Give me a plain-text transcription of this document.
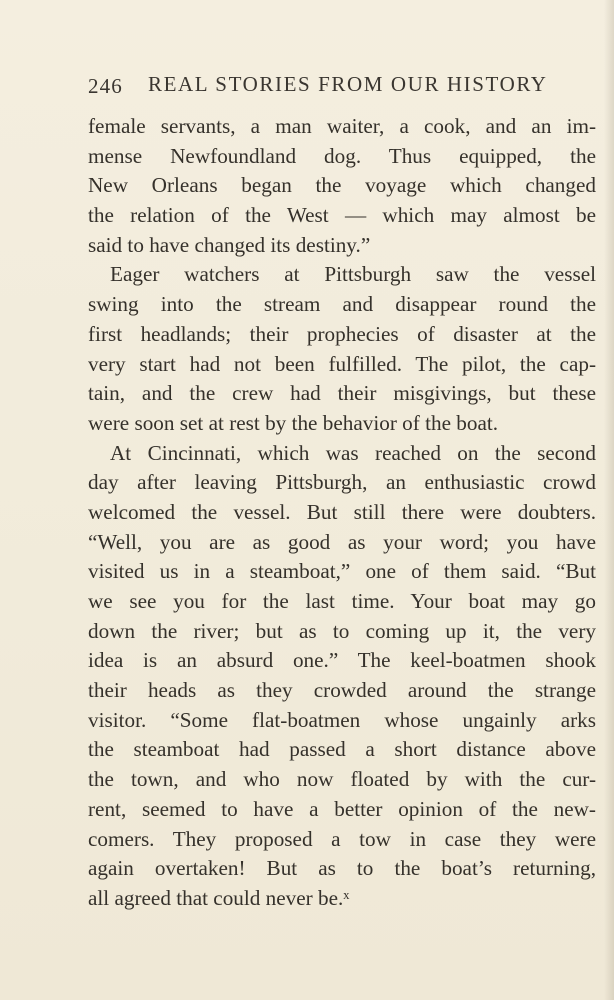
246 REAL STORIES FROM OUR HISTORY
female servants, a man waiter, a cook, and an im-
mense Newfoundland dog. Thus equipped, the
New Orleans began the voyage which changed
the relation of the West — which may almost be
said to have changed its destiny.”
Eager watchers at Pittsburgh saw the vessel
swing into the stream and disappear round the
first headlands; their prophecies of disaster at the
very start had not been fulfilled. The pilot, the cap-
tain, and the crew had their misgivings, but these
were soon set at rest by the behavior of the boat.
At Cincinnati, which was reached on the second
day after leaving Pittsburgh, an enthusiastic crowd
welcomed the vessel. But still there were doubters.
“Well, you are as good as your word; you have
visited us in a steamboat,” one of them said. “But
we see you for the last time. Your boat may go
down the river; but as to coming up it, the very
idea is an absurd one.” The keel-boatmen shook
their heads as they crowded around the strange
visitor. “Some flat-boatmen whose ungainly arks
the steamboat had passed a short distance above
the town, and who now floated by with the cur-
rent, seemed to have a better opinion of the new-
comers. They proposed a tow in case they were
again overtaken! But as to the boat’s returning,
all agreed that could never be.ˣ
